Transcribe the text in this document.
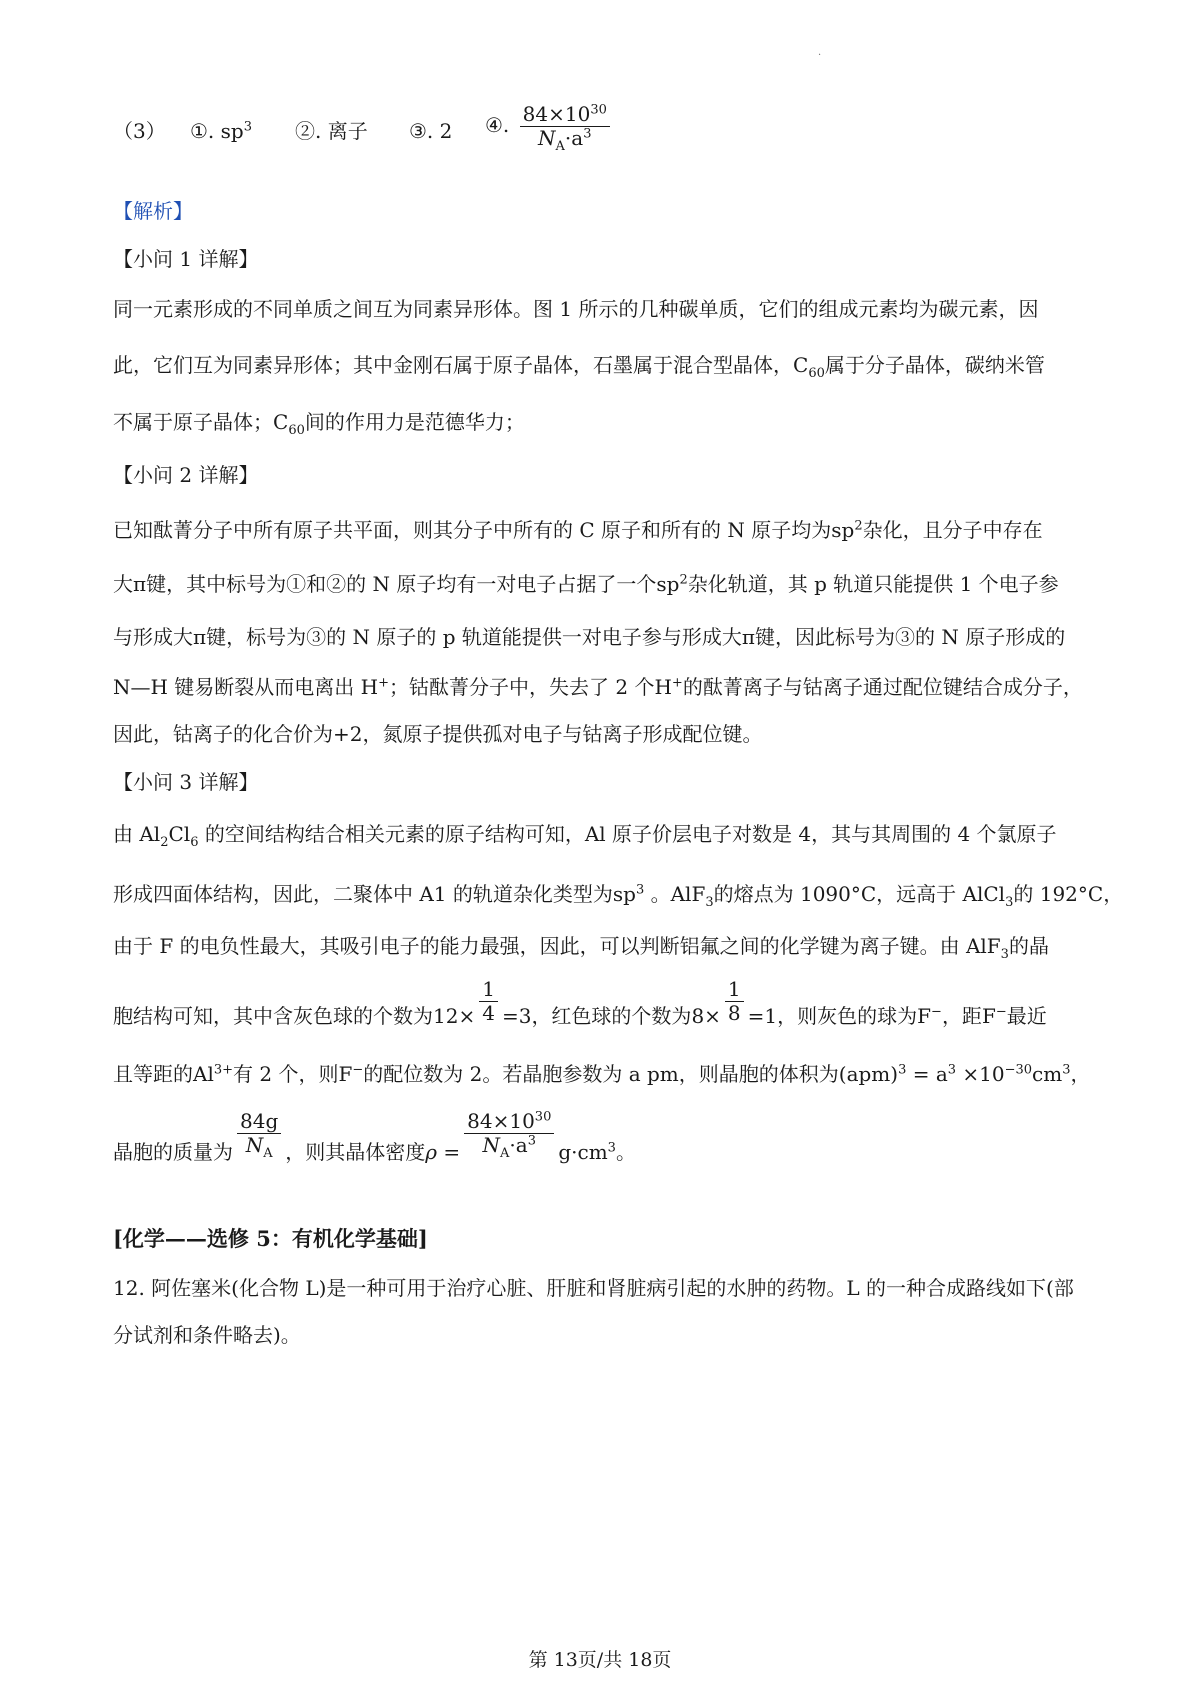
·
（3） ①. $sp^3$ ②. 离子 ③. 2 ④. $\frac{84\times 10^{30}}{N_A\cdot a^3}$
【解析】
【小问 1 详解】
同一元素形成的不同单质之间互为同素异形体。图 1 所示的几种碳单质，它们的组成元素均为碳元素，因
此，它们互为同素异形体；其中金刚石属于原子晶体，石墨属于混合型晶体，$C_{60}$属于分子晶体，碳纳米管
不属于原子晶体；$C_{60}$间的作用力是范德华力；
【小问 2 详解】
已知酞菁分子中所有原子共平面，则其分子中所有的 C 原子和所有的 N 原子均为$sp^2$杂化，且分子中存在
大π键，其中标号为①和②的 N 原子均有一对电子占据了一个$sp^2$杂化轨道，其 p 轨道只能提供 1 个电子参
与形成大π键，标号为③的 N 原子的 p 轨道能提供一对电子参与形成大π键，因此标号为③的 N 原子形成的
N—H 键易断裂从而电离出 H+；钴酞菁分子中，失去了 2 个H+的酞菁离子与钴离子通过配位键结合成分子，
因此，钴离子的化合价为+2，氮原子提供孤对电子与钴离子形成配位键。
【小问 3 详解】
由 $Al_2Cl_6$ 的空间结构结合相关元素的原子结构可知，Al 原子价层电子对数是 4，其与其周围的 4 个氯原子
形成四面体结构，因此，二聚体中 A1 的轨道杂化类型为$sp^3$ 。AlF$_3$的熔点为 1090°C，远高于 AlCl$_3$的 192°C，
由于 F 的电负性最大，其吸引电子的能力最强，因此，可以判断铝氟之间的化学键为离子键。由 AlF$_3$的晶
胞结构可知，其中含灰色球的个数为$12\times \frac{1}{4} =3$，红色球的个数为$8\times \frac{1}{8} =1$，则灰色的球为F−，距F−最近
且等距的$Al^{3+}$有 2 个，则F−的配位数为 2。若晶胞参数为 a pm，则晶胞的体积为$(apm)^3 = a^3 \times 10^{-30}cm^3$，
晶胞的质量为 $\frac{84g}{N_A}$ ，则其晶体密度$\rho = \frac{84\times 10^{30}}{N_A\cdot a^3} g\cdot cm^3$。
[化学——选修 5：有机化学基础]
12. 阿佐塞米(化合物 L)是一种可用于治疗心脏、肝脏和肾脏病引起的水肿的药物。L 的一种合成路线如下(部
分试剂和条件略去)。
第 13页/共 18页
